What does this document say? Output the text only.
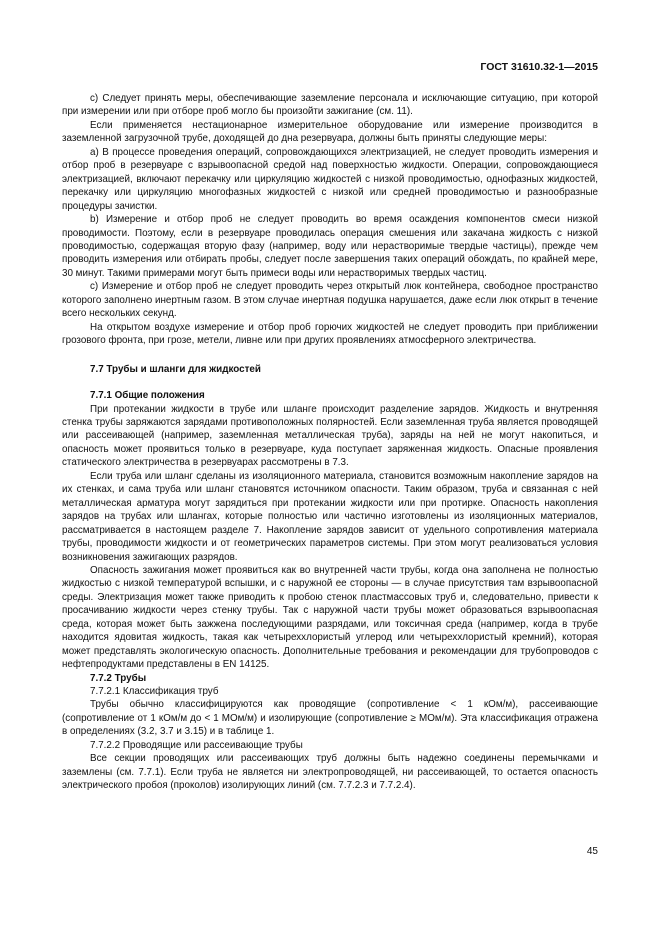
ГОСТ 31610.32-1—2015

c) Следует принять меры, обеспечивающие заземление персонала и исключающие ситуацию, при которой при измерении или при отборе проб могло бы произойти зажигание (см. 11).

Если применяется нестационарное измерительное оборудование или измерение производится в заземленной загрузочной трубе, доходящей до дна резервуара, должны быть приняты следующие меры:

a) В процессе проведения операций, сопровождающихся электризацией, не следует проводить измерения и отбор проб в резервуаре с взрывоопасной средой над поверхностью жидкости. Операции, сопровождающиеся электризацией, включают перекачку или циркуляцию жидкостей с низкой проводимостью, однофазных жидкостей, перекачку или циркуляцию многофазных жидкостей с низкой или средней проводимостью и разнообразные процедуры зачистки.

b) Измерение и отбор проб не следует проводить во время осаждения компонентов смеси низкой проводимости. Поэтому, если в резервуаре проводилась операция смешения или закачана жидкость с низкой проводимостью, содержащая вторую фазу (например, воду или нерастворимые твердые частицы), прежде чем проводить измерения или отбирать пробы, следует после завершения таких операций обождать, по крайней мере, 30 минут. Такими примерами могут быть примеси воды или нерастворимых твердых частиц.

c) Измерение и отбор проб не следует проводить через открытый люк контейнера, свободное пространство которого заполнено инертным газом. В этом случае инертная подушка нарушается, даже если люк открыт в течение всего нескольких секунд.

На открытом воздухе измерение и отбор проб горючих жидкостей не следует проводить при приближении грозового фронта, при грозе, метели, ливне или при других проявлениях атмосферного электричества.

7.7 Трубы и шланги для жидкостей
7.7.1 Общие положения

При протекании жидкости в трубе или шланге происходит разделение зарядов. Жидкость и внутренняя стенка трубы заряжаются зарядами противоположных полярностей. Если заземленная труба является проводящей или рассеивающей (например, заземленная металлическая труба), заряды на ней не могут накопиться, и опасность может проявиться только в резервуаре, куда поступает заряженная жидкость. Опасные проявления статического электричества в резервуарах рассмотрены в 7.3.

Если труба или шланг сделаны из изоляционного материала, становится возможным накопление зарядов на их стенках, и сама труба или шланг становятся источником опасности. Таким образом, труба и связанная с ней металлическая арматура могут зарядиться при протекании жидкости или при протирке. Опасность накопления зарядов на трубах или шлангах, которые полностью или частично изготовлены из изоляционных материалов, рассматривается в настоящем разделе 7. Накопление зарядов зависит от удельного сопротивления материала трубы, проводимости жидкости и от геометрических параметров системы. При этом могут реализоваться условия возникновения зажигающих разрядов.

Опасность зажигания может проявиться как во внутренней части трубы, когда она заполнена не полностью жидкостью с низкой температурой вспышки, и с наружной ее стороны — в случае присутствия там взрывоопасной среды. Электризация может также приводить к пробою стенок пластмассовых труб и, следовательно, привести к просачиванию жидкости через стенку трубы. Так с наружной части трубы может образоваться взрывоопасная среда, которая может быть зажжена последующими разрядами, или токсичная среда (например, когда в трубе находится ядовитая жидкость, такая как четыреххлористый углерод или четыреххлористый кремний), которая может представлять экологическую опасность. Дополнительные требования и рекомендации для трубопроводов с нефтепродуктами представлены в EN 14125.

7.7.2 Трубы
7.7.2.1 Классификация труб

Трубы обычно классифицируются как проводящие (сопротивление < 1 кОм/м), рассеивающие (сопротивление от 1 кОм/м до < 1 МОм/м) и изолирующие (сопротивление ≥ МОм/м). Эта классификация отражена в определениях (3.2, 3.7 и 3.15) и в таблице 1.

7.7.2.2 Проводящие или рассеивающие трубы

Все секции проводящих или рассеивающих труб должны быть надежно соединены перемычками и заземлены (см. 7.7.1). Если труба не является ни электропроводящей, ни рассеивающей, то остается опасность электрического пробоя (проколов) изолирующих линий (см. 7.7.2.3 и 7.7.2.4).

45
